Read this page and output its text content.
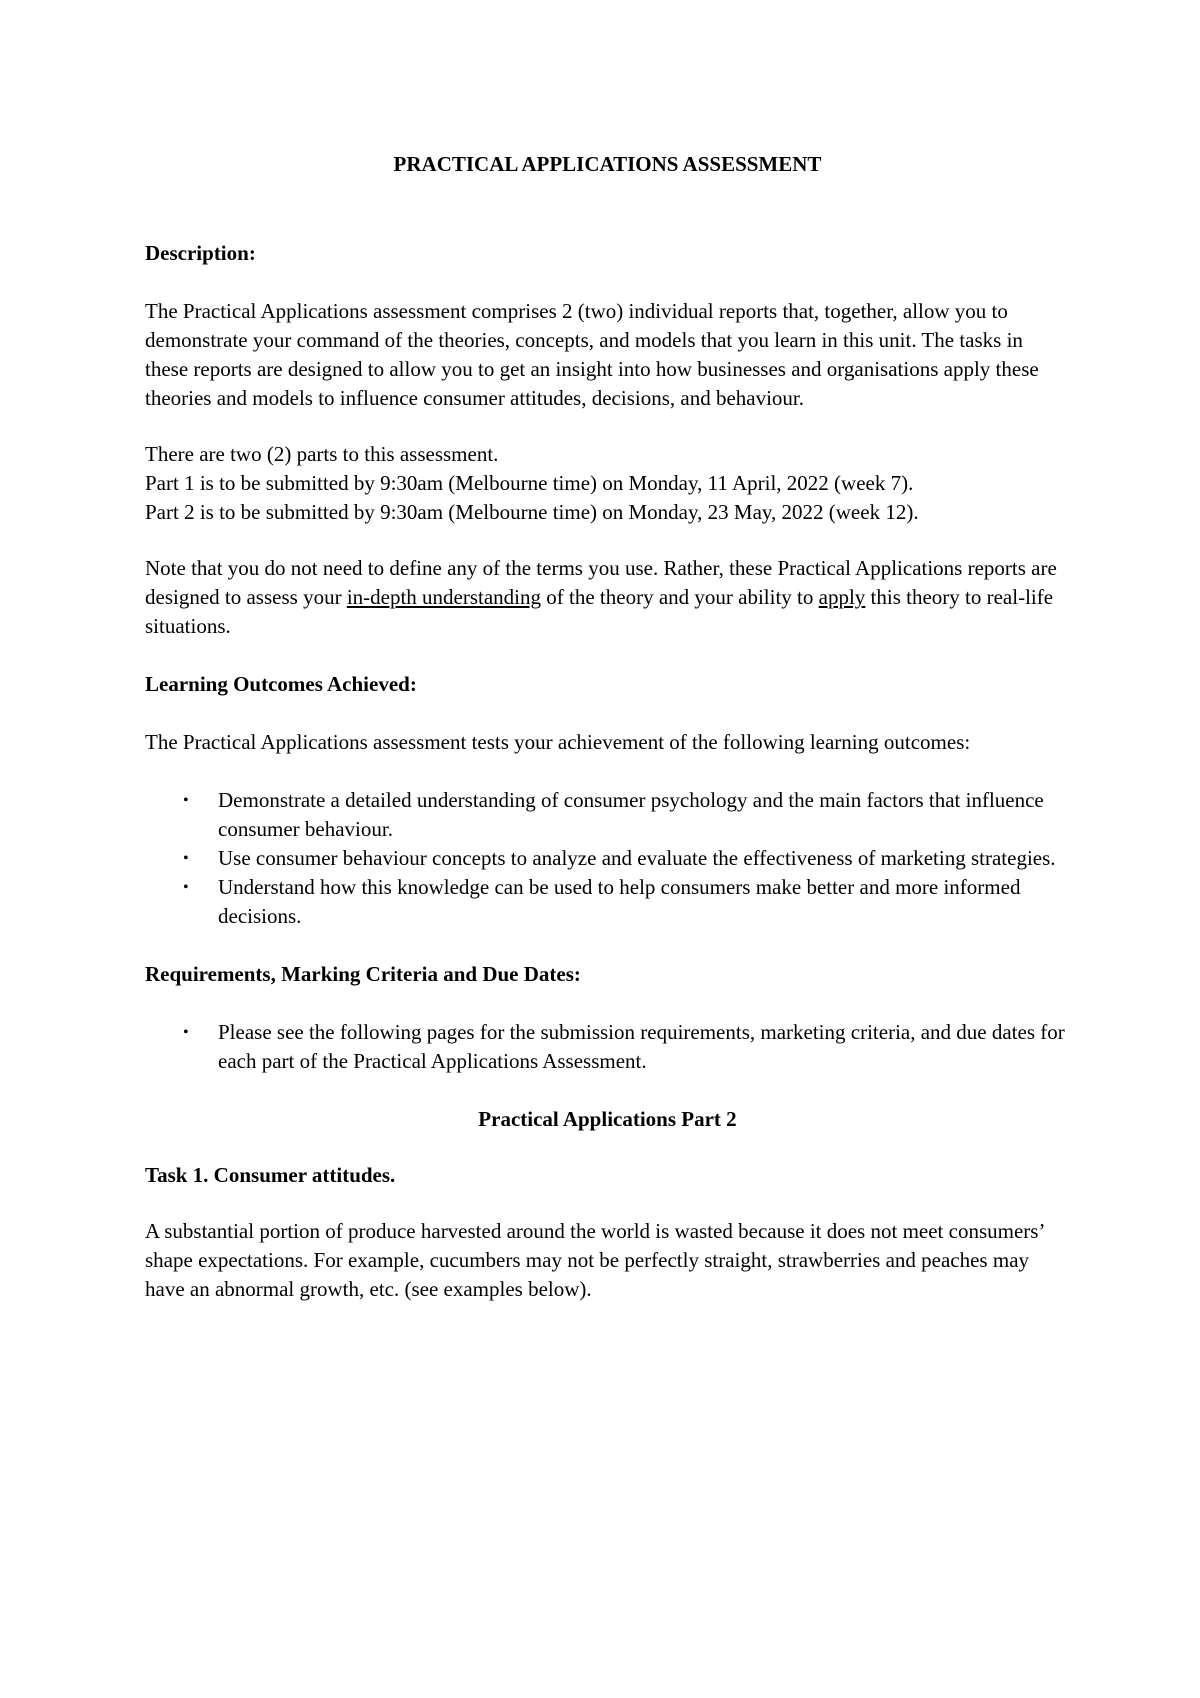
PRACTICAL APPLICATIONS ASSESSMENT

Description:

The Practical Applications assessment comprises 2 (two) individual reports that, together, allow you to demonstrate your command of the theories, concepts, and models that you learn in this unit. The tasks in these reports are designed to allow you to get an insight into how businesses and organisations apply these theories and models to influence consumer attitudes, decisions, and behaviour.

There are two (2) parts to this assessment.

Part 1 is to be submitted by 9:30am (Melbourne time) on Monday, 11 April, 2022 (week 7).

Part 2 is to be submitted by 9:30am (Melbourne time) on Monday, 23 May, 2022 (week 12).

Note that you do not need to define any of the terms you use. Rather, these Practical Applications reports are designed to assess your in-depth understanding of the theory and your ability to apply this theory to real-life situations.

Learning Outcomes Achieved:

The Practical Applications assessment tests your achievement of the following learning outcomes:

• Demonstrate a detailed understanding of consumer psychology and the main factors that influence consumer behaviour.
• Use consumer behaviour concepts to analyze and evaluate the effectiveness of marketing strategies.
• Understand how this knowledge can be used to help consumers make better and more informed decisions.

Requirements, Marking Criteria and Due Dates:

• Please see the following pages for the submission requirements, marketing criteria, and due dates for each part of the Practical Applications Assessment.

Practical Applications Part 2

Task 1. Consumer attitudes.

A substantial portion of produce harvested around the world is wasted because it does not meet consumers’ shape expectations. For example, cucumbers may not be perfectly straight, strawberries and peaches may have an abnormal growth, etc. (see examples below).
